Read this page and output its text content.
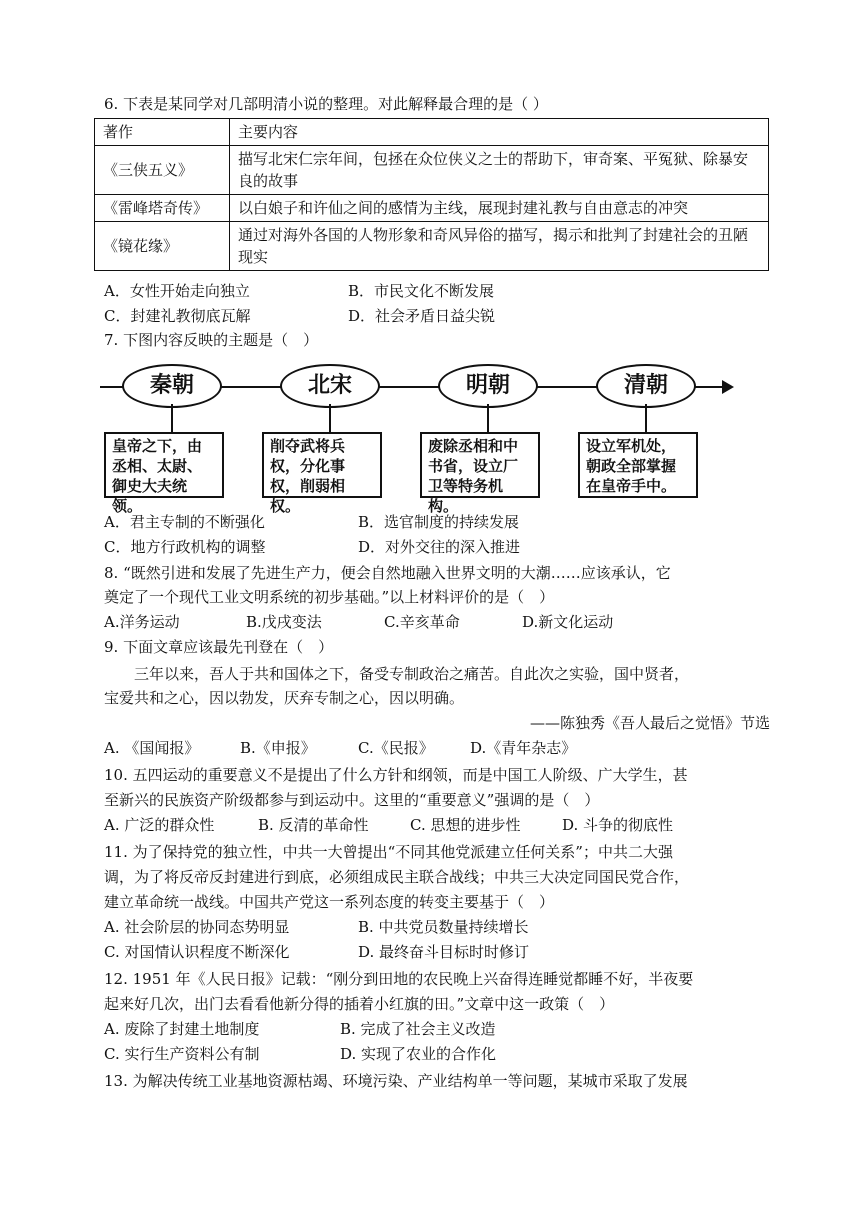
6. 下表是某同学对几部明清小说的整理。对此解释最合理的是（ ）
著作	主要内容
《三侠五义》	描写北宋仁宗年间，包拯在众位侠义之士的帮助下，审奇案、平冤狱、除暴安良的故事
《雷峰塔奇传》	以白娘子和许仙之间的感情为主线，展现封建礼教与自由意志的冲突
《镜花缘》	通过对海外各国的人物形象和奇风异俗的描写，揭示和批判了封建社会的丑陋现实
A．女性开始走向独立	B．市民文化不断发展
C．封建礼教彻底瓦解	D．社会矛盾日益尖锐
7. 下图内容反映的主题是（　）
秦朝	北宋	明朝	清朝
皇帝之下，由丞相、太尉、御史大夫统领。
削夺武将兵权，分化事权，削弱相权。
废除丞相和中书省，设立厂卫等特务机构。
设立军机处，朝政全部掌握在皇帝手中。
A．君主专制的不断强化	B．选官制度的持续发展
C．地方行政机构的调整	D．对外交往的深入推进
8. “既然引进和发展了先进生产力，便会自然地融入世界文明的大潮……应该承认，它
奠定了一个现代工业文明系统的初步基础。”以上材料评价的是（　）
A.洋务运动	B.戊戌变法	C.辛亥革命	D.新文化运动
9. 下面文章应该最先刊登在（　）
三年以来，吾人于共和国体之下，备受专制政治之痛苦。自此次之实验，国中贤者，
宝爱共和之心，因以勃发，厌弃专制之心，因以明确。
——陈独秀《吾人最后之觉悟》节选
A. 《国闻报》	B.《申报》	C.《民报》 D.《青年杂志》
10. 五四运动的重要意义不是提出了什么方针和纲领，而是中国工人阶级、广大学生，甚
至新兴的民族资产阶级都参与到运动中。这里的“重要意义”强调的是（　）
A. 广泛的群众性	B. 反清的革命性	C. 思想的进步性	D. 斗争的彻底性
11. 为了保持党的独立性，中共一大曾提出“不同其他党派建立任何关系”；中共二大强
调，为了将反帝反封建进行到底，必须组成民主联合战线；中共三大决定同国民党合作，
建立革命统一战线。中国共产党这一系列态度的转变主要基于（　）
A. 社会阶层的协同态势明显	B. 中共党员数量持续增长
C. 对国情认识程度不断深化	D. 最终奋斗目标时时修订
12. 1951 年《人民日报》记载：“刚分到田地的农民晚上兴奋得连睡觉都睡不好，半夜要
起来好几次，出门去看看他新分得的插着小红旗的田。”文章中这一政策（　）
A. 废除了封建土地制度	B. 完成了社会主义改造
C. 实行生产资料公有制	D. 实现了农业的合作化
13. 为解决传统工业基地资源枯竭、环境污染、产业结构单一等问题，某城市采取了发展
